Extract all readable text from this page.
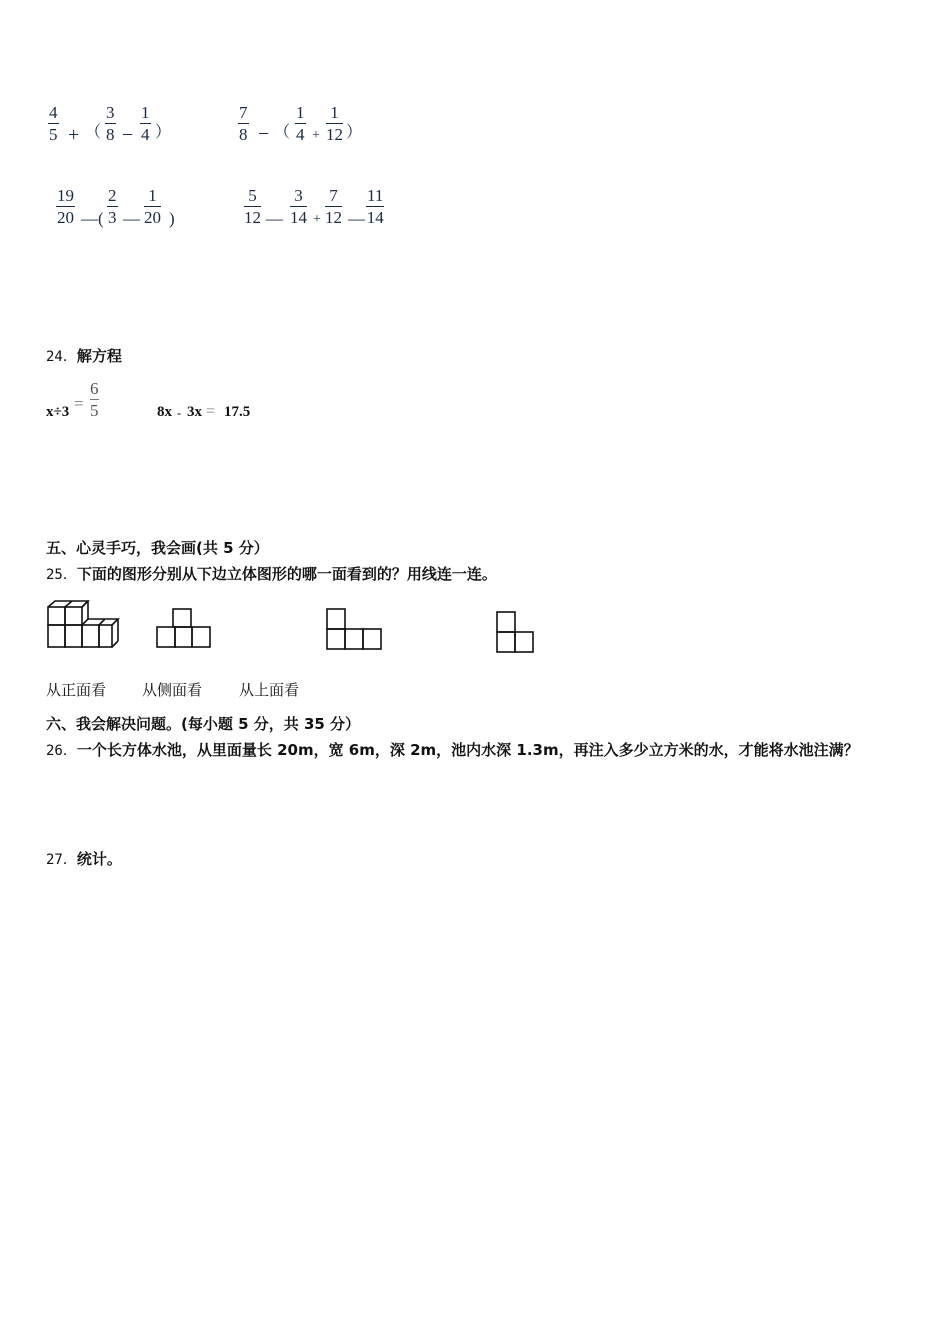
4
5 + （
3
8 −
1
4 ）
7
8 − （
1
4 +
1
12 ）
19
20 — (
2
3 —
1
20 )
5
12 —
3
14 +
7
12 —
11
14
24．解方程
x÷3 =
6
5	8x - 3x = 17.5
五、心灵手巧，我会画(共 5 分）
25．下面的图形分别从下边立体图形的哪一面看到的？用线连一连。
从正面看 从侧面看 从上面看
六、我会解决问题。(每小题 5 分，共 35 分）
26．一个长方体水池，从里面量长 20m，宽 6m，深 2m，池内水深 1.3m，再注入多少立方米的水，才能将水池注满？
27．统计。
